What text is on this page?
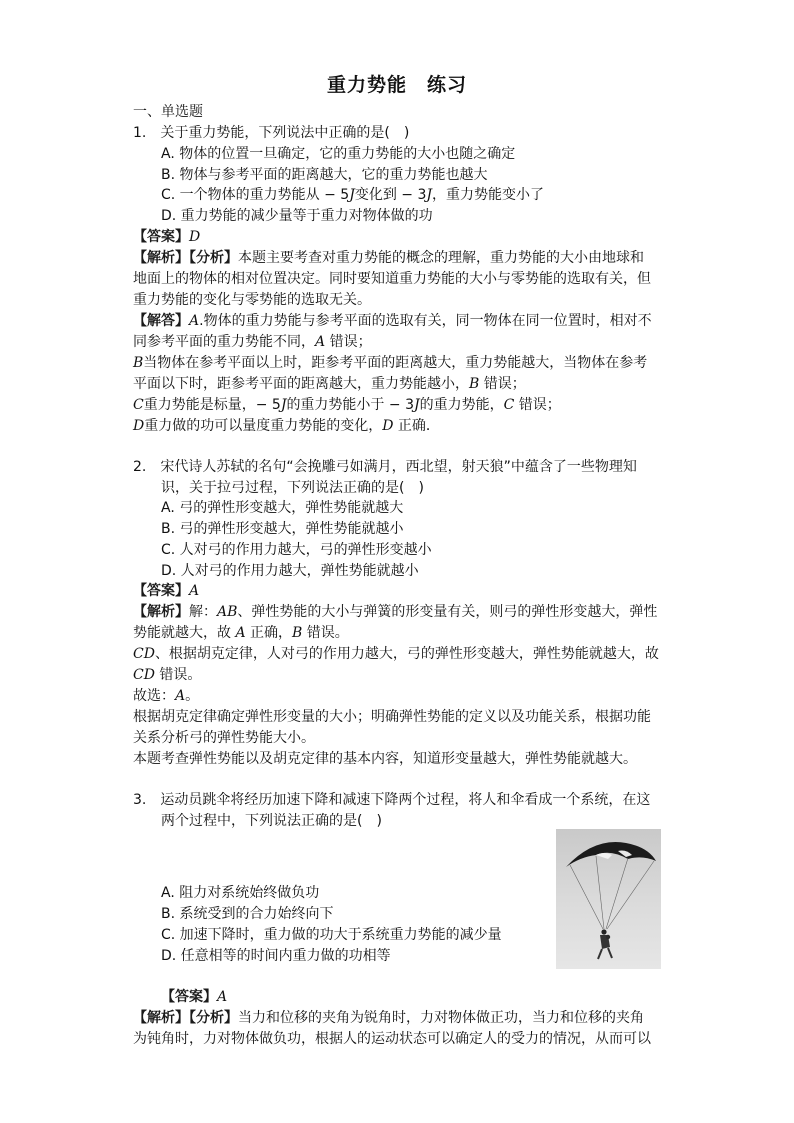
重力势能　练习
一、单选题
1.　关于重力势能，下列说法中正确的是(　)
A. 物体的位置一旦确定，它的重力势能的大小也随之确定
B. 物体与参考平面的距离越大，它的重力势能也越大
C. 一个物体的重力势能从 − 5J变化到 − 3J，重力势能变小了
D. 重力势能的减少量等于重力对物体做的功
【答案】D
【解析】【分析】本题主要考查对重力势能的概念的理解，重力势能的大小由地球和
地面上的物体的相对位置决定。同时要知道重力势能的大小与零势能的选取有关，但
重力势能的变化与零势能的选取无关。
【解答】A.物体的重力势能与参考平面的选取有关，同一物体在同一位置时，相对不
同参考平面的重力势能不同，A 错误；
B当物体在参考平面以上时，距参考平面的距离越大，重力势能越大，当物体在参考
平面以下时，距参考平面的距离越大，重力势能越小，B 错误；
C重力势能是标量，− 5J的重力势能小于 − 3J的重力势能，C 错误；
D重力做的功可以量度重力势能的变化，D 正确．
2.　宋代诗人苏轼的名句“会挽雕弓如满月，西北望，射天狼”中蕴含了一些物理知
识，关于拉弓过程，下列说法正确的是(　)
A. 弓的弹性形变越大，弹性势能就越大
B. 弓的弹性形变越大，弹性势能就越小
C. 人对弓的作用力越大，弓的弹性形变越小
D. 人对弓的作用力越大，弹性势能就越小
【答案】A
【解析】解：AB、弹性势能的大小与弹簧的形变量有关，则弓的弹性形变越大，弹性
势能就越大，故 A 正确，B 错误。
CD、根据胡克定律，人对弓的作用力越大，弓的弹性形变越大，弹性势能就越大，故
CD 错误。
故选：A。
根据胡克定律确定弹性形变量的大小；明确弹性势能的定义以及功能关系，根据功能
关系分析弓的弹性势能大小。
本题考查弹性势能以及胡克定律的基本内容，知道形变量越大，弹性势能就越大。
3.　运动员跳伞将经历加速下降和减速下降两个过程，将人和伞看成一个系统，在这
两个过程中，下列说法正确的是(　)
A. 阻力对系统始终做负功
B. 系统受到的合力始终向下
C. 加速下降时，重力做的功大于系统重力势能的减少量
D. 任意相等的时间内重力做的功相等
【答案】A
【解析】【分析】当力和位移的夹角为锐角时，力对物体做正功，当力和位移的夹角
为钝角时，力对物体做负功，根据人的运动状态可以确定人的受力的情况，从而可以
